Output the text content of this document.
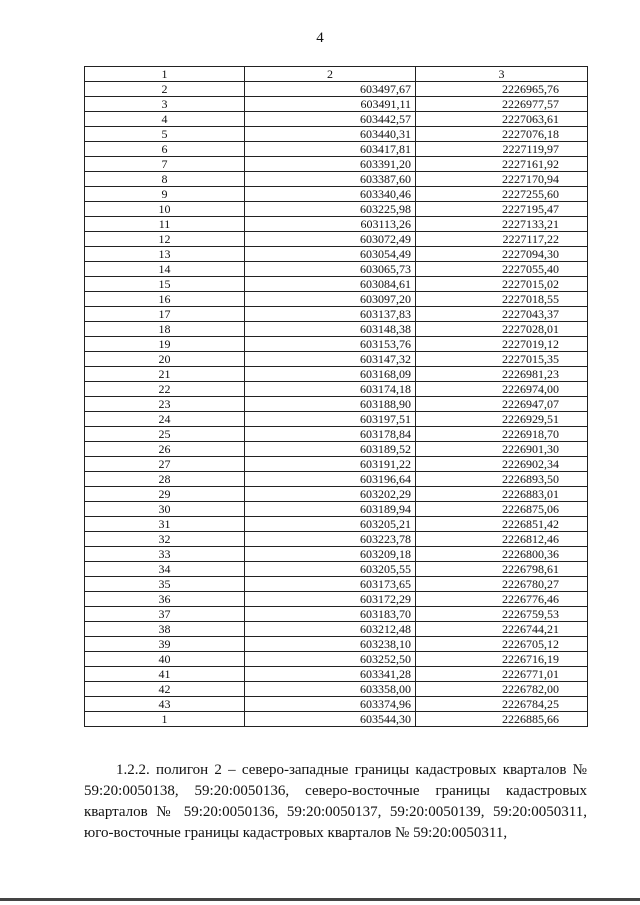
4
1	2	3
2	603497,67	2226965,76
3	603491,11	2226977,57
4	603442,57	2227063,61
5	603440,31	2227076,18
6	603417,81	2227119,97
7	603391,20	2227161,92
8	603387,60	2227170,94
9	603340,46	2227255,60
10	603225,98	2227195,47
11	603113,26	2227133,21
12	603072,49	2227117,22
13	603054,49	2227094,30
14	603065,73	2227055,40
15	603084,61	2227015,02
16	603097,20	2227018,55
17	603137,83	2227043,37
18	603148,38	2227028,01
19	603153,76	2227019,12
20	603147,32	2227015,35
21	603168,09	2226981,23
22	603174,18	2226974,00
23	603188,90	2226947,07
24	603197,51	2226929,51
25	603178,84	2226918,70
26	603189,52	2226901,30
27	603191,22	2226902,34
28	603196,64	2226893,50
29	603202,29	2226883,01
30	603189,94	2226875,06
31	603205,21	2226851,42
32	603223,78	2226812,46
33	603209,18	2226800,36
34	603205,55	2226798,61
35	603173,65	2226780,27
36	603172,29	2226776,46
37	603183,70	2226759,53
38	603212,48	2226744,21
39	603238,10	2226705,12
40	603252,50	2226716,19
41	603341,28	2226771,01
42	603358,00	2226782,00
43	603374,96	2226784,25
1	603544,30	2226885,66
1.2.2. полигон 2 – северо-западные границы кадастровых кварталов № 59:20:0050138, 59:20:0050136, северо-восточные границы кадастровых кварталов № 59:20:0050136, 59:20:0050137, 59:20:0050139, 59:20:0050311, юго-восточные границы кадастровых кварталов № 59:20:0050311,
